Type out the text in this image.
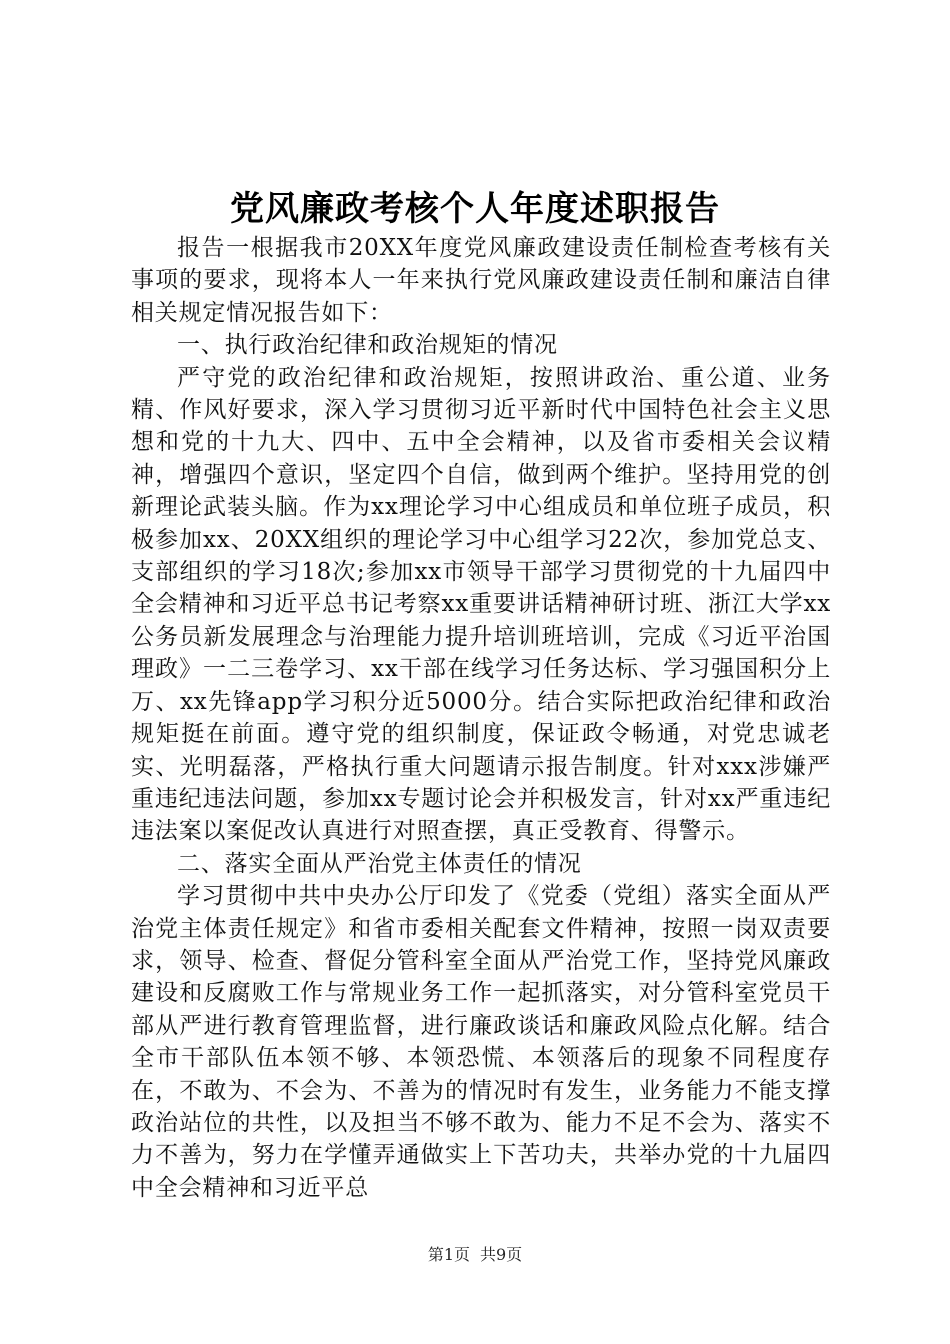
党风廉政考核个人年度述职报告

报告一根据我市20XX年度党风廉政建设责任制检查考核有关事项的要求，现将本人一年来执行党风廉政建设责任制和廉洁自律相关规定情况报告如下：

一、执行政治纪律和政治规矩的情况

严守党的政治纪律和政治规矩，按照讲政治、重公道、业务精、作风好要求，深入学习贯彻习近平新时代中国特色社会主义思想和党的十九大、四中、五中全会精神，以及省市委相关会议精神，增强四个意识，坚定四个自信，做到两个维护。坚持用党的创新理论武装头脑。作为xx理论学习中心组成员和单位班子成员，积极参加xx、20XX组织的理论学习中心组学习22次，参加党总支、支部组织的学习18次;参加xx市领导干部学习贯彻党的十九届四中全会精神和习近平总书记考察xx重要讲话精神研讨班、浙江大学xx公务员新发展理念与治理能力提升培训班培训，完成《习近平治国理政》一二三卷学习、xx干部在线学习任务达标、学习强国积分上万、xx先锋app学习积分近5000分。结合实际把政治纪律和政治规矩挺在前面。遵守党的组织制度，保证政令畅通，对党忠诚老实、光明磊落，严格执行重大问题请示报告制度。针对xxx涉嫌严重违纪违法问题，参加xx专题讨论会并积极发言，针对xx严重违纪违法案以案促改认真进行对照查摆，真正受教育、得警示。

二、落实全面从严治党主体责任的情况

学习贯彻中共中央办公厅印发了《党委（党组）落实全面从严治党主体责任规定》和省市委相关配套文件精神，按照一岗双责要求，领导、检查、督促分管科室全面从严治党工作，坚持党风廉政建设和反腐败工作与常规业务工作一起抓落实，对分管科室党员干部从严进行教育管理监督，进行廉政谈话和廉政风险点化解。结合全市干部队伍本领不够、本领恐慌、本领落后的现象不同程度存在，不敢为、不会为、不善为的情况时有发生，业务能力不能支撑政治站位的共性，以及担当不够不敢为、能力不足不会为、落实不力不善为，努力在学懂弄通做实上下苦功夫，共举办党的十九届四中全会精神和习近平总

第1页 共9页
